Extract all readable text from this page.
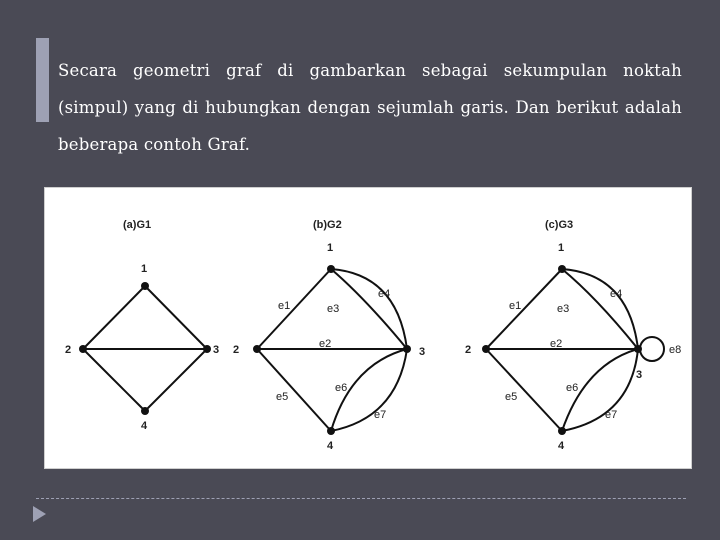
Secara geometri graf di gambarkan sebagai sekumpulan noktah (simpul) yang di hubungkan dengan sejumlah garis. Dan berikut adalah beberapa contoh Graf.

(a)G1
1
2	3
4
(b)G2
1
2	3
4
e1
e2
e3
e4
e5
e6
e7
(c)G3
1
2
3
4
e1
e2
e3
e4
e5
e6
e7
e8
